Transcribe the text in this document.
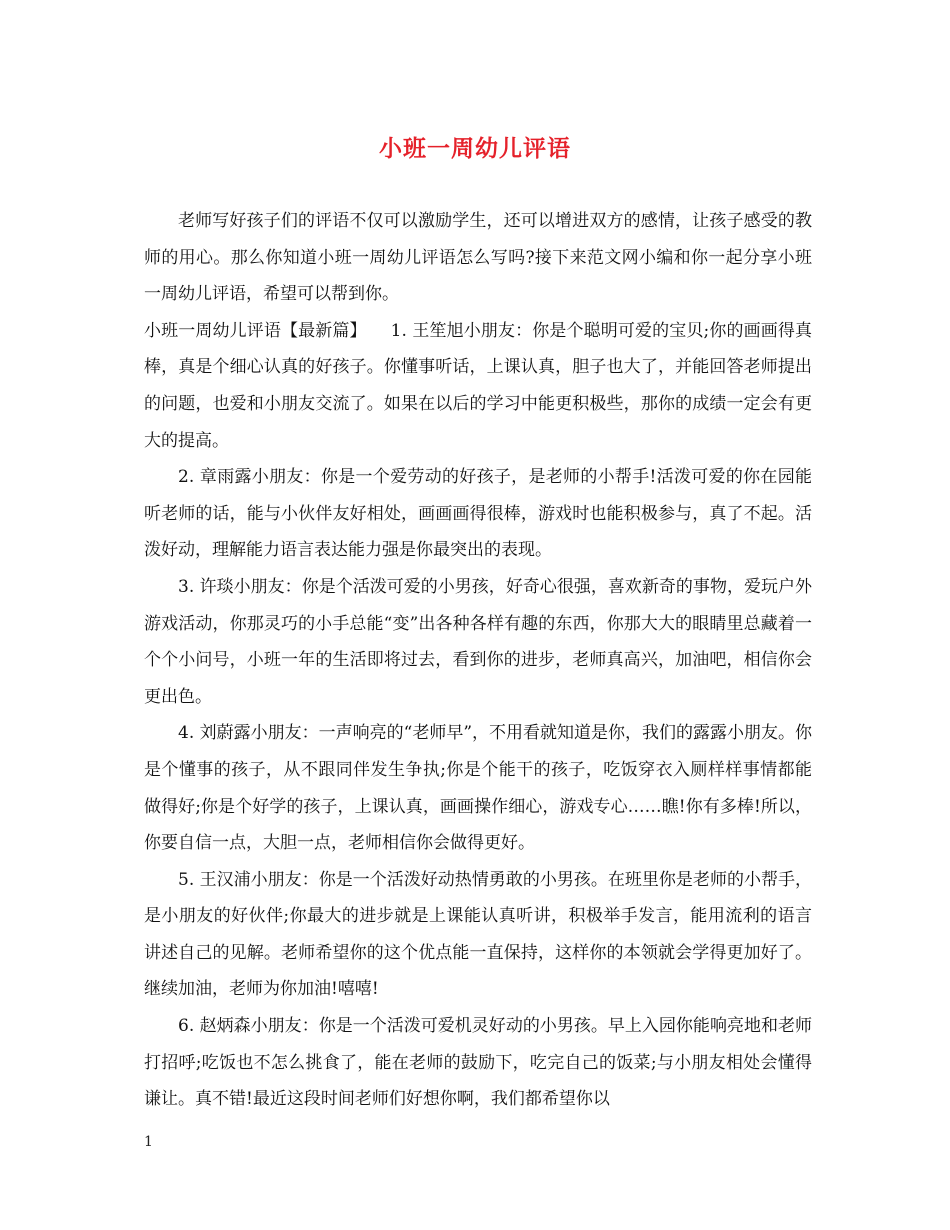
小班一周幼儿评语

老师写好孩子们的评语不仅可以激励学生，还可以增进双方的感情，让孩子感受的教师的用心。那么你知道小班一周幼儿评语怎么写吗?接下来范文网小编和你一起分享小班一周幼儿评语，希望可以帮到你。

小班一周幼儿评语【最新篇】 1. 王笙旭小朋友：你是个聪明可爱的宝贝;你的画画得真棒，真是个细心认真的好孩子。你懂事听话，上课认真，胆子也大了，并能回答老师提出的问题，也爱和小朋友交流了。如果在以后的学习中能更积极些，那你的成绩一定会有更大的提高。

2. 章雨露小朋友：你是一个爱劳动的好孩子，是老师的小帮手!活泼可爱的你在园能听老师的话，能与小伙伴友好相处，画画画得很棒，游戏时也能积极参与，真了不起。活泼好动，理解能力语言表达能力强是你最突出的表现。

3. 许琰小朋友：你是个活泼可爱的小男孩，好奇心很强，喜欢新奇的事物，爱玩户外游戏活动，你那灵巧的小手总能“变”出各种各样有趣的东西，你那大大的眼睛里总藏着一个个小问号，小班一年的生活即将过去，看到你的进步，老师真高兴，加油吧，相信你会更出色。

4. 刘蔚露小朋友：一声响亮的“老师早”，不用看就知道是你，我们的露露小朋友。你是个懂事的孩子，从不跟同伴发生争执;你是个能干的孩子，吃饭穿衣入厕样样事情都能做得好;你是个好学的孩子，上课认真，画画操作细心，游戏专心……瞧!你有多棒!所以，你要自信一点，大胆一点，老师相信你会做得更好。

5. 王汉浦小朋友：你是一个活泼好动热情勇敢的小男孩。在班里你是老师的小帮手，是小朋友的好伙伴;你最大的进步就是上课能认真听讲，积极举手发言，能用流利的语言讲述自己的见解。老师希望你的这个优点能一直保持，这样你的本领就会学得更加好了。继续加油，老师为你加油!嘻嘻!

6. 赵炳森小朋友：你是一个活泼可爱机灵好动的小男孩。早上入园你能响亮地和老师打招呼;吃饭也不怎么挑食了，能在老师的鼓励下，吃完自己的饭菜;与小朋友相处会懂得谦让。真不错!最近这段时间老师们好想你啊，我们都希望你以

1
